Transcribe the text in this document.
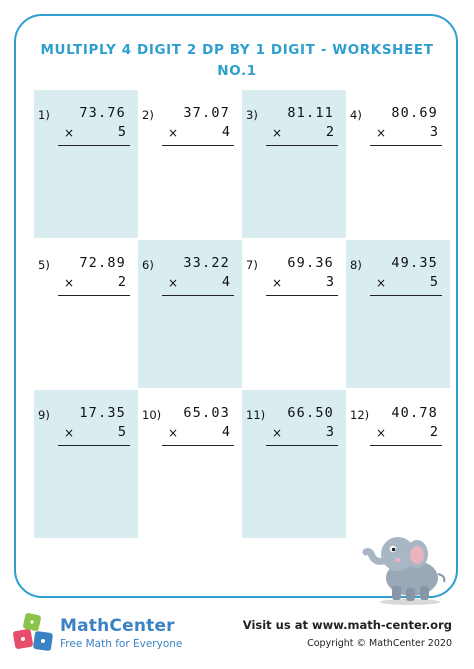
MULTIPLY 4 DIGIT 2 DP BY 1 DIGIT - WORKSHEET NO.1
1) 73.76
×	5
2) 37.07
×	4
3) 81.11
×	2
4) 80.69
×	3
5) 72.89
×	2
6) 33.22
×	4
7) 69.36
×	3
8) 49.35
×	5
9) 17.35
×	5
10) 65.03
×	4
11) 66.50
×	3
12) 40.78
×	2
MathCenter
Free Math for Everyone
Visit us at www.math-center.org
Copyright © MathCenter 2020
